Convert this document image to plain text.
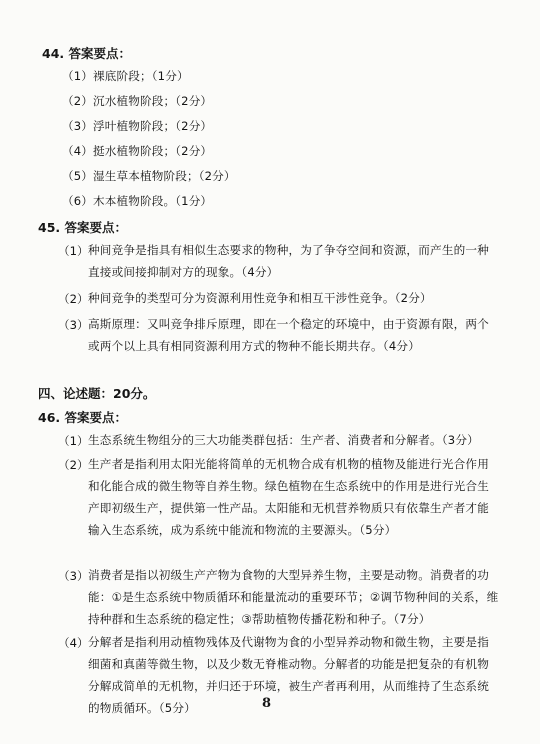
44. 答案要点：
（1）裸底阶段；（1分）
（2）沉水植物阶段；（2分）
（3）浮叶植物阶段；（2分）
（4）挺水植物阶段；（2分）
（5）湿生草本植物阶段；（2分）
（6）木本植物阶段。（1分）
45. 答案要点：
（1） 种间竞争是指具有相似生态要求的物种，为了争夺空间和资源，而产生的一种直接或间接抑制对方的现象。（4分）
（2） 种间竞争的类型可分为资源利用性竞争和相互干涉性竞争。（2分）
（3） 高斯原理：又叫竞争排斥原理，即在一个稳定的环境中，由于资源有限，两个或两个以上具有相同资源利用方式的物种不能长期共存。（4分）
四、论述题：20分。
46. 答案要点：
（1） 生态系统生物组分的三大功能类群包括：生产者、消费者和分解者。（3分）
（2） 生产者是指利用太阳光能将简单的无机物合成有机物的植物及能进行光合作用和化能合成的微生物等自养生物。绿色植物在生态系统中的作用是进行光合生产即初级生产，提供第一性产品。太阳能和无机营养物质只有依靠生产者才能输入生态系统，成为系统中能流和物流的主要源头。（5分）
（3） 消费者是指以初级生产产物为食物的大型异养生物，主要是动物。消费者的功能：①是生态系统中物质循环和能量流动的重要环节；②调节物种间的关系，维持种群和生态系统的稳定性；③帮助植物传播花粉和种子。（7分）
（4） 分解者是指利用动植物残体及代谢物为食的小型异养动物和微生物，主要是指细菌和真菌等微生物，以及少数无脊椎动物。分解者的功能是把复杂的有机物分解成简单的无机物，并归还于环境，被生产者再利用，从而维持了生态系统的物质循环。（5分）	8
